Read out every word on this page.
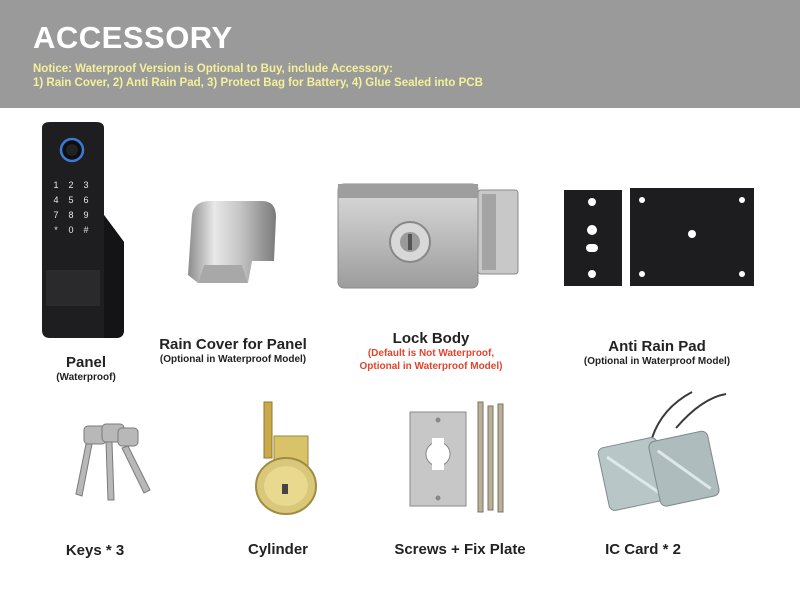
ACCESSORY
Notice: Waterproof Version is Optional to Buy, include Accessory:
1) Rain Cover, 2) Anti Rain Pad, 3) Protect Bag for Battery, 4) Glue Sealed into PCB
1 2 3
4 5 6
7 8 9
* 0 #
Panel
(Waterproof)
Rain Cover for Panel
(Optional in Waterproof Model)
Lock Body
(Default is Not Waterproof,
Optional in Waterproof Model)
Anti Rain Pad
(Optional in Waterproof Model)
Keys * 3	Cylinder	Screws + Fix Plate	IC Card * 2
